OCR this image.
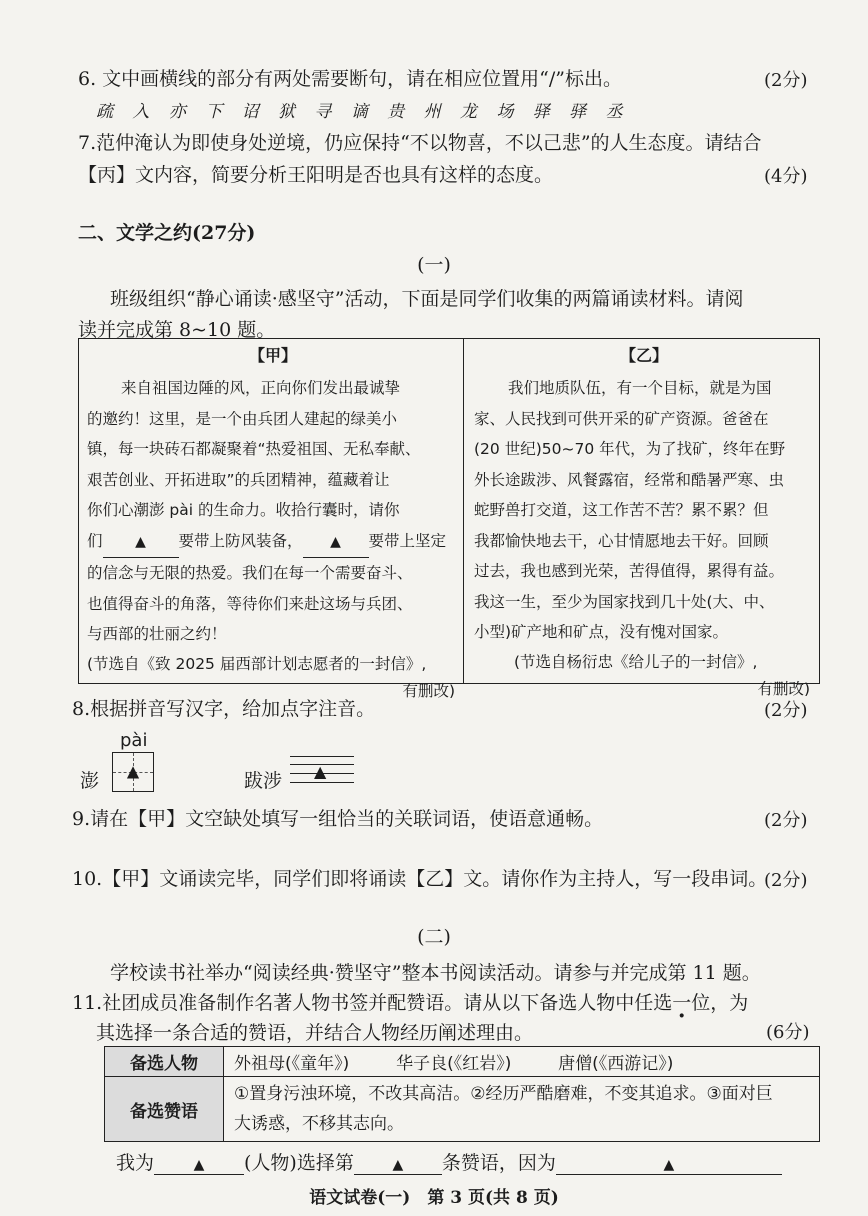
6. 文中画横线的部分有两处需要断句，请在相应位置用“/”标出。	(2分)
疏 入 亦 下 诏 狱 寻 谪 贵 州 龙 场 驿 驿 丞
7.范仲淹认为即使身处逆境，仍应保持“不以物喜，不以己悲”的人生态度。请结合
【丙】文内容，简要分析王阳明是否也具有这样的态度。	(4分)
二、文学之约(27分)
(一)
班级组织“静心诵读·感坚守”活动，下面是同学们收集的两篇诵读材料。请阅
读并完成第 8~10 题。
【甲】
来自祖国边陲的风，正向你们发出最诚挚
的邀约！这里，是一个由兵团人建起的绿美小
镇，每一块砖石都凝聚着“热爱祖国、无私奉献、
艰苦创业、开拓进取”的兵团精神，蕴藏着让
你们心潮澎 pài 的生命力。收拾行囊时，请你
们 ▲ 要带上防风装备， ▲ 要带上坚定
的信念与无限的热爱。我们在每一个需要奋斗、
也值得奋斗的角落，等待你们来赴这场与兵团、
与西部的壮丽之约！
(节选自《致 2025 届西部计划志愿者的一封信》,
有删改)
【乙】
我们地质队伍，有一个目标，就是为国
家、人民找到可供开采的矿产资源。爸爸在
(20 世纪)50~70 年代，为了找矿，终年在野
外长途跋涉、风餐露宿，经常和酷暑严寒、虫
蛇野兽打交道，这工作苦不苦？累不累？但
我都愉快地去干，心甘情愿地去干好。回顾
过去，我也感到光荣，苦得值得，累得有益。
我这一生，至少为国家找到几十处(大、中、
小型)矿产地和矿点，没有愧对国家。
(节选自杨衍忠《给儿子的一封信》,
有删改)
8.根据拼音写汉字，给加点字注音。	(2分)
pài
澎 ▲	跋涉 ▲
9.请在【甲】文空缺处填写一组恰当的关联词语，使语意通畅。	(2分)
10.【甲】文诵读完毕，同学们即将诵读【乙】文。请你作为主持人，写一段串词。
(2分)
(二)
学校读书社举办“阅读经典·赞坚守”整本书阅读活动。请参与并完成第 11 题。
11.社团成员准备制作名著人物书签并配赞语。请从以下备选人物中任选一位，为
其选择一条合适的赞语，并结合人物经历阐述理由。	(6分)
备选人物	外祖母(《童年》) 华子良(《红岩》) 唐僧(《西游记》)
备选赞语	①置身污浊环境，不改其高洁。②经历严酷磨难，不变其追求。③面对巨
大诱惑，不移其志向。
我为	▲ (人物)选择第	▲ 条赞语，因为	▲
语文试卷(一)　第 3 页(共 8 页)
